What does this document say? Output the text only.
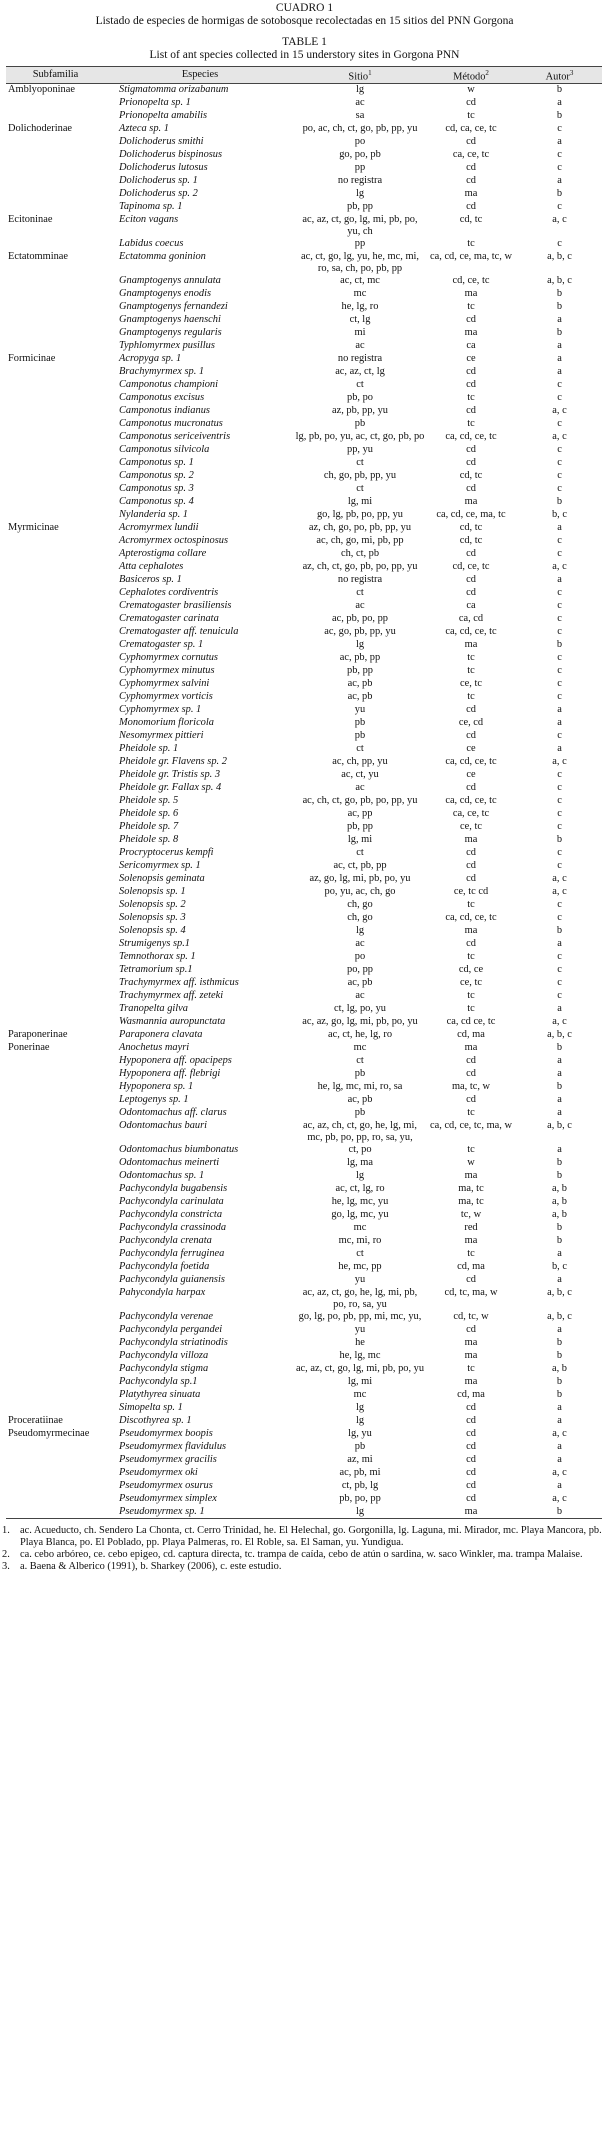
CUADRO 1
Listado de especies de hormigas de sotobosque recolectadas en 15 sitios del PNN Gorgona
TABLE 1
List of ant species collected in 15 understory sites in Gorgona PNN
Subfamilia	Especies	Sitio$^1$	Método$^2$	Autor$^3$
Amblyoponinae	Stigmatomma orizabanum	lg	w	b
	Prionopelta sp. 1	ac	cd	a
	Prionopelta amabilis	sa	tc	b
Dolichoderinae	Azteca sp. 1	po, ac, ch, ct, go, pb, pp, yu	cd, ca, ce, tc	c
	Dolichoderus smithi	po	cd	a
	Dolichoderus bispinosus	go, po, pb	ca, ce, tc	c
	Dolichoderus lutosus	pp	cd	c
	Dolichoderus sp. 1	no registra	cd	a
	Dolichoderus sp. 2	lg	ma	b
	Tapinoma sp. 1	pb, pp	cd	c
Ecitoninae	Eciton vagans	ac, az, ct, go, lg, mi, pb, po, yu, ch	cd, tc	a, c
	Labidus coecus	pp	tc	c
Ectatomminae	Ectatomma goninion	ac, ct, go, lg, yu, he, mc, mi, ro, sa, ch, po, pb, pp	ca, cd, ce, ma, tc, w	a, b, c
	Gnamptogenys annulata	ac, ct, mc	cd, ce, tc	a, b, c
	Gnamptogenys enodis	mc	ma	b
	Gnamptogenys fernandezi	he, lg, ro	tc	b
	Gnamptogenys haenschi	ct, lg	cd	a
	Gnamptogenys regularis	mi	ma	b
	Typhlomyrmex pusillus	ac	ca	a
Formicinae	Acropyga sp. 1	no registra	ce	a
	Brachymyrmex sp. 1	ac, az, ct, lg	cd	a
	Camponotus championi	ct	cd	c
	Camponotus excisus	pb, po	tc	c
	Camponotus indianus	az, pb, pp, yu	cd	a, c
	Camponotus mucronatus	pb	tc	c
	Camponotus sericeiventris	lg, pb, po, yu, ac, ct, go, pb, po	ca, cd, ce, tc	a, c
	Camponotus silvicola	pp, yu	cd	c
	Camponotus sp. 1	ct	cd	c
	Camponotus sp. 2	ch, go, pb, pp, yu	cd, tc	c
	Camponotus sp. 3	ct	cd	c
	Camponotus sp. 4	lg, mi	ma	b
	Nylanderia sp. 1	go, lg, pb, po, pp, yu	ca, cd, ce, ma, tc	b, c
Myrmicinae	Acromyrmex lundii	az, ch, go, po, pb, pp, yu	cd, tc	a
	Acromyrmex octospinosus	ac, ch, go, mi, pb, pp	cd, tc	c
	Apterostigma collare	ch, ct, pb	cd	c
	Atta cephalotes	az, ch, ct, go, pb, po, pp, yu	cd, ce, tc	a, c
	Basiceros sp. 1	no registra	cd	a
	Cephalotes cordiventris	ct	cd	c
	Crematogaster brasiliensis	ac	ca	c
	Crematogaster carinata	ac, pb, po, pp	ca, cd	c
	Crematogaster aff. tenuicula	ac, go, pb, pp, yu	ca, cd, ce, tc	c
	Crematogaster sp. 1	lg	ma	b
	Cyphomyrmex cornutus	ac, pb, pp	tc	c
	Cyphomyrmex minutus	pb, pp	tc	c
	Cyphomyrmex salvini	ac, pb	ce, tc	c
	Cyphomyrmex vorticis	ac, pb	tc	c
	Cyphomyrmex sp. 1	yu	cd	a
	Monomorium floricola	pb	ce, cd	a
	Nesomyrmex pittieri	pb	cd	c
	Pheidole sp. 1	ct	ce	a
	Pheidole gr. Flavens sp. 2	ac, ch, pp, yu	ca, cd, ce, tc	a, c
	Pheidole gr. Tristis sp. 3	ac, ct, yu	ce	c
	Pheidole gr. Fallax sp. 4	ac	cd	c
	Pheidole sp. 5	ac, ch, ct, go, pb, po, pp, yu	ca, cd, ce, tc	c
	Pheidole sp. 6	ac, pp	ca, ce, tc	c
	Pheidole sp. 7	pb, pp	ce, tc	c
	Pheidole sp. 8	lg, mi	ma	b
	Procryptocerus kempfi	ct	cd	c
	Sericomyrmex sp. 1	ac, ct, pb, pp	cd	c
	Solenopsis geminata	az, go, lg, mi, pb, po, yu	cd	a, c
	Solenopsis sp. 1	po, yu, ac, ch, go	ce, tc cd	a, c
	Solenopsis sp. 2	ch, go	tc	c
	Solenopsis sp. 3	ch, go	ca, cd, ce, tc	c
	Solenopsis sp. 4	lg	ma	b
	Strumigenys sp.1	ac	cd	a
	Temnothorax sp. 1	po	tc	c
	Tetramorium sp.1	po, pp	cd, ce	c
	Trachymyrmex aff. isthmicus	ac, pb	ce, tc	c
	Trachymyrmex aff. zeteki	ac	tc	c
	Tranopelta gilva	ct, lg, po, yu	tc	a
	Wasmannia auropunctata	ac, az, go, lg, mi, pb, po, yu	ca, cd ce, tc	a, c
Paraponerinae	Paraponera clavata	ac, ct, he, lg, ro	cd, ma	a, b, c
Ponerinae	Anochetus mayri	mc	ma	b
	Hypoponera aff. opacipeps	ct	cd	a
	Hypoponera aff. flebrigi	pb	cd	a
	Hypoponera sp. 1	he, lg, mc, mi, ro, sa	ma, tc, w	b
	Leptogenys sp. 1	ac, pb	cd	a
	Odontomachus aff. clarus	pb	tc	a
	Odontomachus bauri	ac, az, ch, ct, go, he, lg, mi, mc, pb, po, pp, ro, sa, yu,	ca, cd, ce, tc, ma, w	a, b, c
	Odontomachus biumbonatus	ct, po	tc	a
	Odontomachus meinerti	lg, ma	w	b
	Odontomachus sp. 1	lg	ma	b
	Pachycondyla bugabensis	ac, ct, lg, ro	ma, tc	a, b
	Pachycondyla carinulata	he, lg, mc, yu	ma, tc	a, b
	Pachycondyla constricta	go, lg, mc, yu	tc, w	a, b
	Pachycondyla crassinoda	mc	red	b
	Pachycondyla crenata	mc, mi, ro	ma	b
	Pachycondyla ferruginea	ct	tc	a
	Pachycondyla foetida	he, mc, pp	cd, ma	b, c
	Pachycondyla guianensis	yu	cd	a
	Pahycondyla harpax	ac, az, ct, go, he, lg, mi, pb, po, ro, sa, yu	cd, tc, ma, w	a, b, c
	Pachycondyla verenae	go, lg, po, pb, pp, mi, mc, yu,	cd, tc, w	a, b, c
	Pachycondyla pergandei	yu	cd	a
	Pachycondyla striatinodis	he	ma	b
	Pachycondyla villoza	he, lg, mc	ma	b
	Pachycondyla stigma	ac, az, ct, go, lg, mi, pb, po, yu	tc	a, b
	Pachycondyla sp.1	lg, mi	ma	b
	Platythyrea sinuata	mc	cd, ma	b
	Simopelta sp. 1	lg	cd	a
Proceratiinae	Discothyrea sp. 1	lg	cd	a
Pseudomyrmecinae	Pseudomyrmex boopis	lg, yu	cd	a, c
	Pseudomyrmex flavidulus	pb	cd	a
	Pseudomyrmex gracilis	az, mi	cd	a
	Pseudomyrmex oki	ac, pb, mi	cd	a, c
	Pseudomyrmex osurus	ct, pb, lg	cd	a
	Pseudomyrmex simplex	pb, po, pp	cd	a, c
	Pseudomyrmex sp. 1	lg	ma	b
1. ac. Acueducto, ch. Sendero La Chonta, ct. Cerro Trinidad, he. El Helechal, go. Gorgonilla, lg. Laguna, mi. Mirador, mc. Playa Mancora, pb. Playa Blanca, po. El Poblado, pp. Playa Palmeras, ro. El Roble, sa. El Saman, yu. Yundigua.
2. ca. cebo arbóreo, ce. cebo epigeo, cd. captura directa, tc. trampa de caída, cebo de atún o sardina, w. saco Winkler, ma. trampa Malaise.
3. a. Baena & Alberico (1991), b. Sharkey (2006), c. este estudio.
